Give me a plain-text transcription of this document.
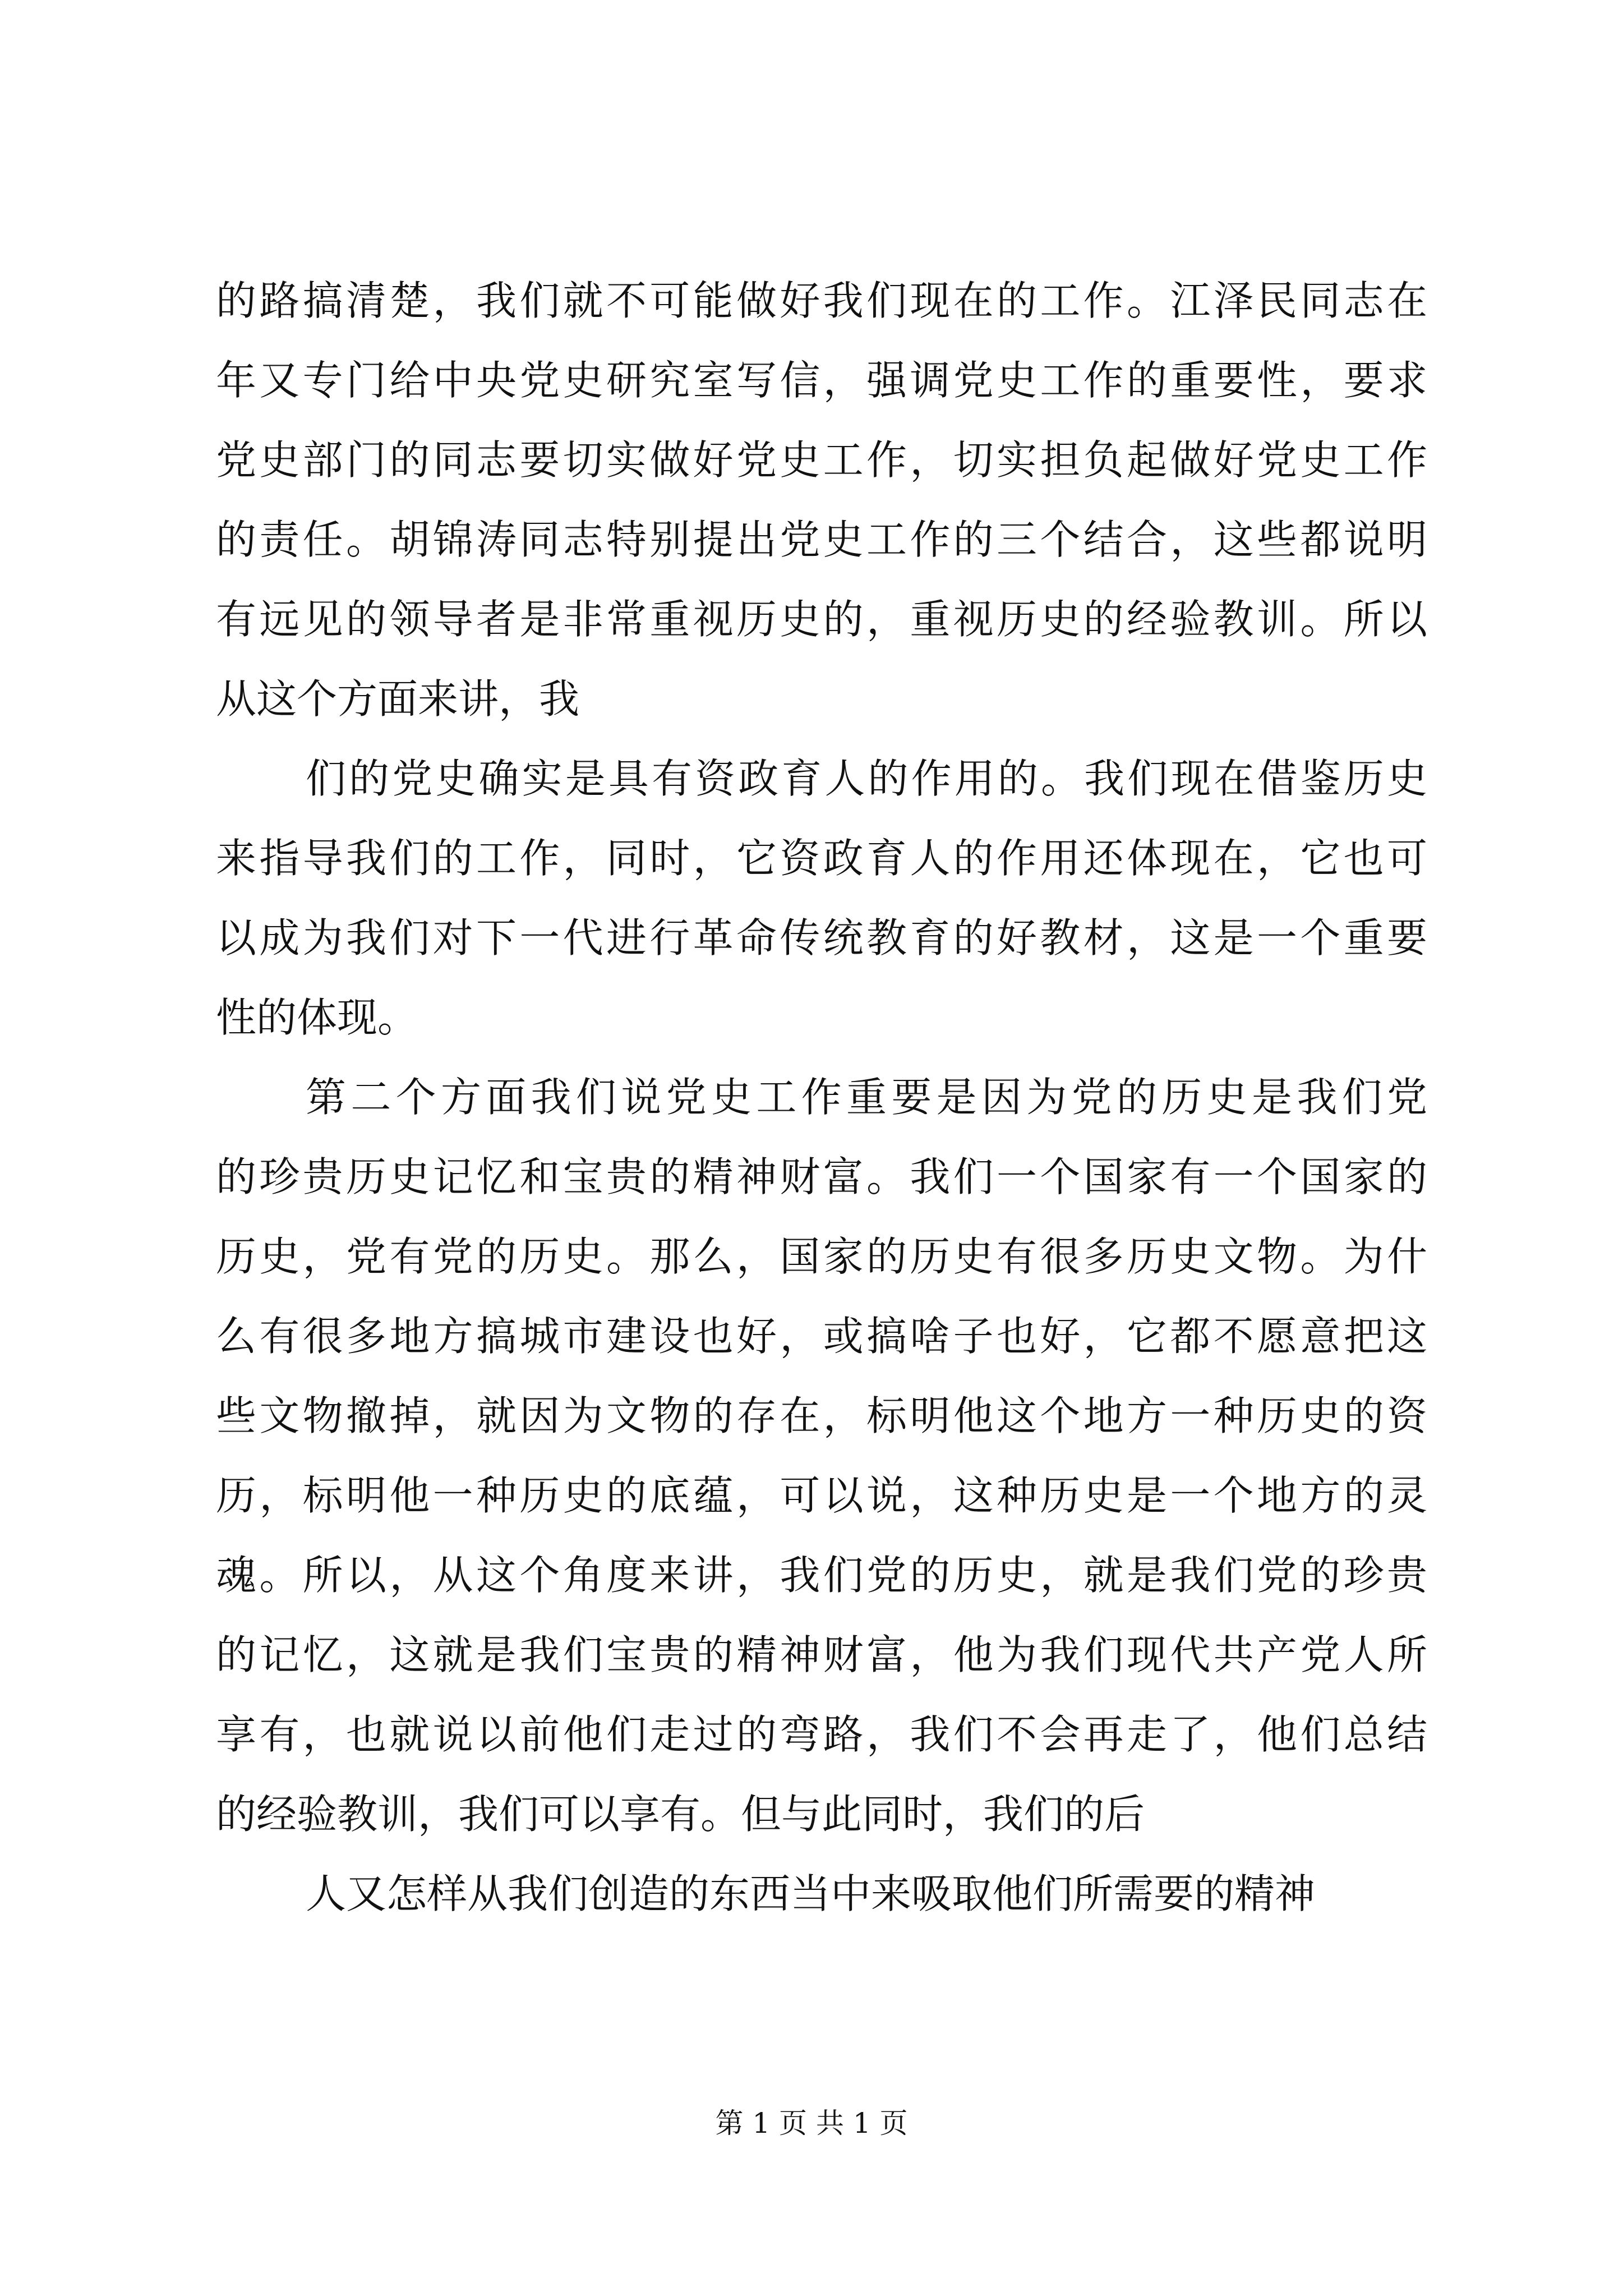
的路搞清楚，我们就不可能做好我们现在的工作。江泽民同志在
年又专门给中央党史研究室写信，强调党史工作的重要性，要求
党史部门的同志要切实做好党史工作，切实担负起做好党史工作
的责任。胡锦涛同志特别提出党史工作的三个结合，这些都说明
有远见的领导者是非常重视历史的，重视历史的经验教训。所以
从这个方面来讲，我
们的党史确实是具有资政育人的作用的。我们现在借鉴历史
来指导我们的工作，同时，它资政育人的作用还体现在，它也可
以成为我们对下一代进行革命传统教育的好教材，这是一个重要
性的体现。
第二个方面我们说党史工作重要是因为党的历史是我们党
的珍贵历史记忆和宝贵的精神财富。我们一个国家有一个国家的
历史，党有党的历史。那么，国家的历史有很多历史文物。为什
么有很多地方搞城市建设也好，或搞啥子也好，它都不愿意把这
些文物撤掉，就因为文物的存在，标明他这个地方一种历史的资
历，标明他一种历史的底蕴，可以说，这种历史是一个地方的灵
魂。所以，从这个角度来讲，我们党的历史，就是我们党的珍贵
的记忆，这就是我们宝贵的精神财富，他为我们现代共产党人所
享有，也就说以前他们走过的弯路，我们不会再走了，他们总结
的经验教训，我们可以享有。但与此同时，我们的后
人又怎样从我们创造的东西当中来吸取他们所需要的精神
第 1 页 共 1 页
